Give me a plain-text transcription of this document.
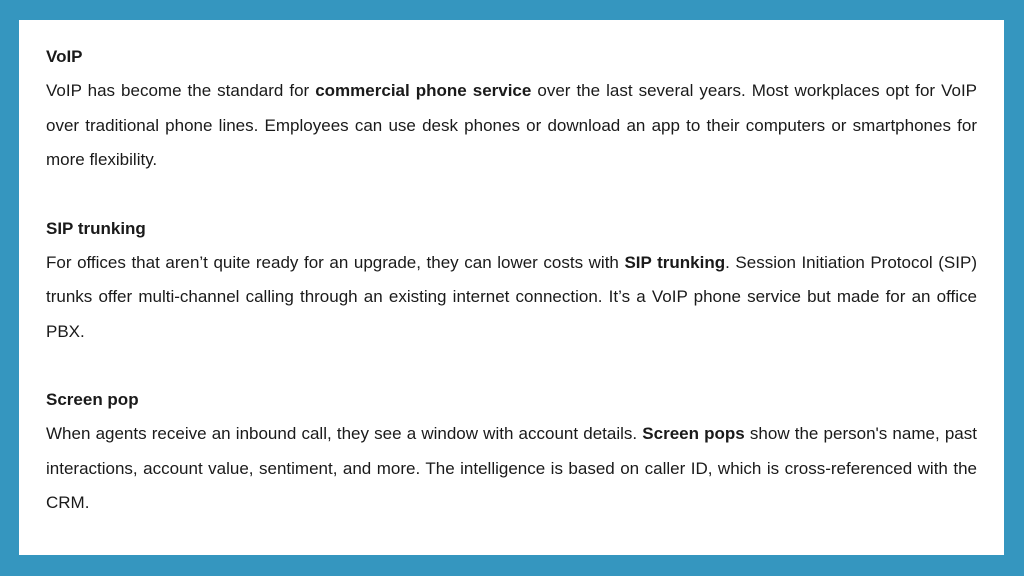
VoIP

VoIP has become the standard for commercial phone service over the last several years. Most workplaces opt for VoIP over traditional phone lines. Employees can use desk phones or download an app to their computers or smartphones for more flexibility.

SIP trunking

For offices that aren’t quite ready for an upgrade, they can lower costs with SIP trunking. Session Initiation Protocol (SIP) trunks offer multi-channel calling through an existing internet connection. It’s a VoIP phone service but made for an office PBX.

Screen pop

When agents receive an inbound call, they see a window with account details. Screen pops show the person's name, past interactions, account value, sentiment, and more. The intelligence is based on caller ID, which is cross-referenced with the CRM.
